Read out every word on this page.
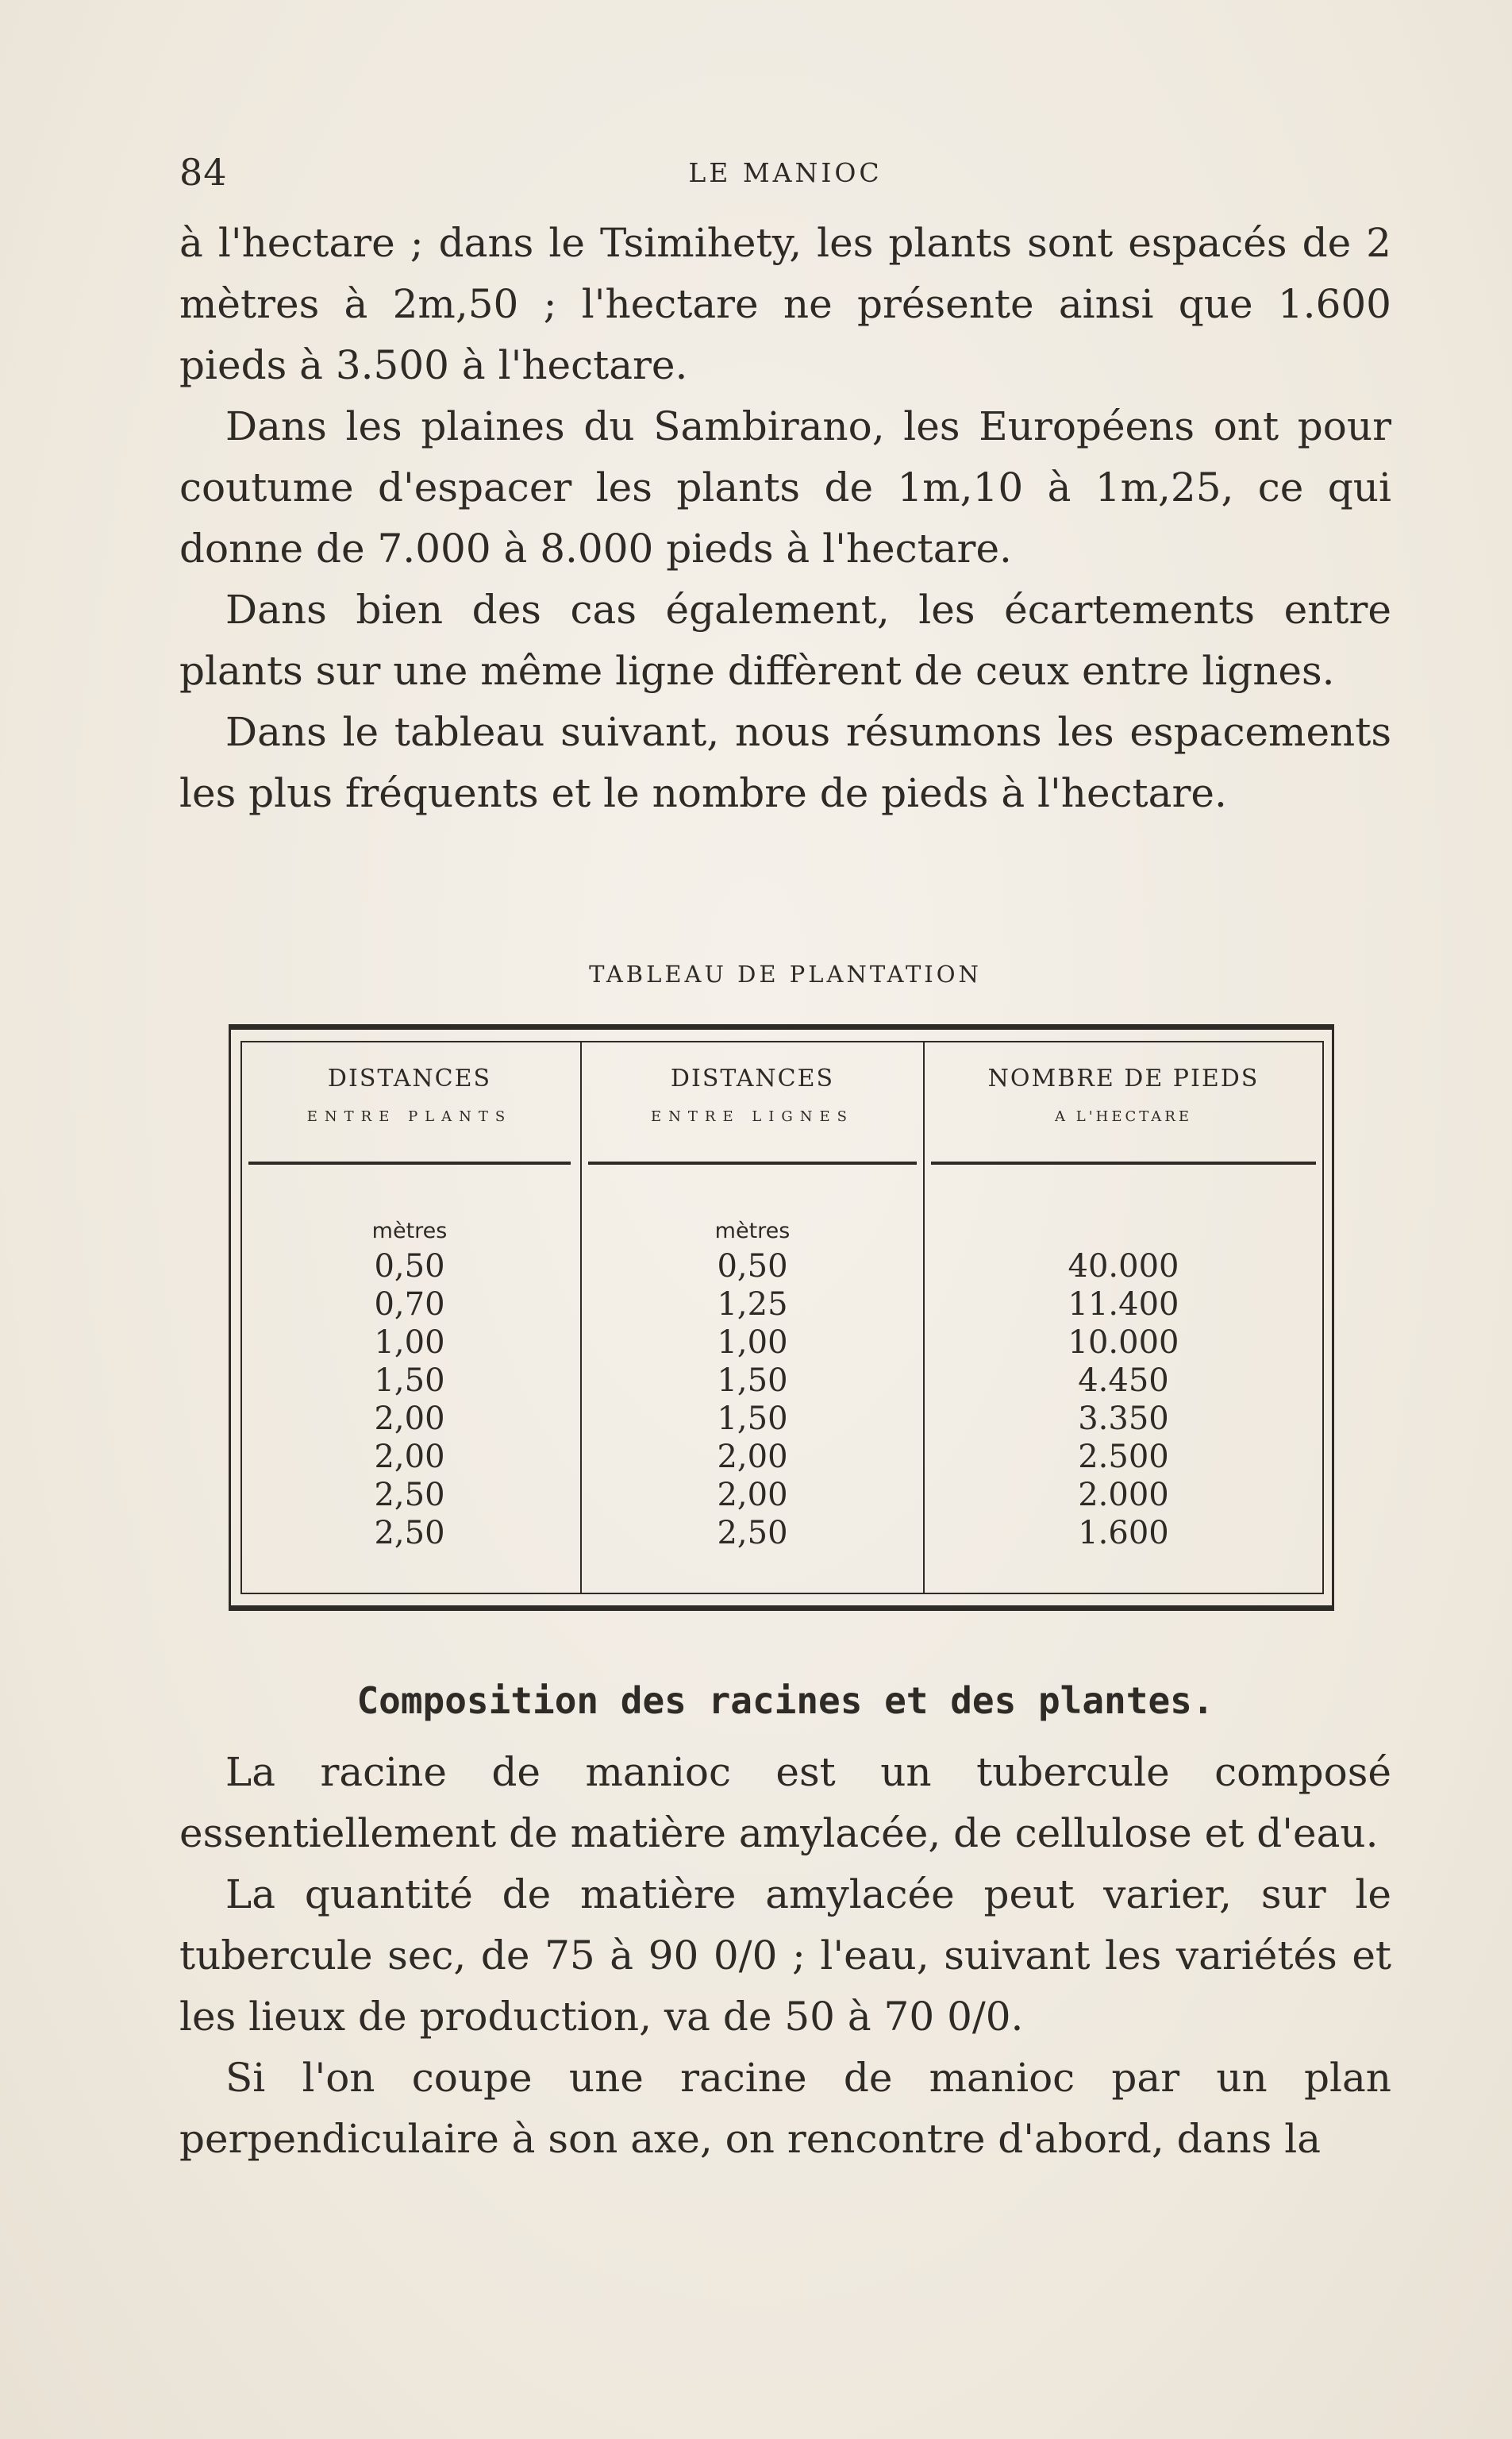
84	LE MANIOC

à l'hectare ; dans le Tsimihety, les plants sont espacés de 2 mètres à 2m,50 ; l'hectare ne présente ainsi que 1.600 pieds à 3.500 à l'hectare.

Dans les plaines du Sambirano, les Européens ont pour coutume d'espacer les plants de 1m,10 à 1m,25, ce qui donne de 7.000 à 8.000 pieds à l'hectare.

Dans bien des cas également, les écartements entre plants sur une même ligne diffèrent de ceux entre lignes.

Dans le tableau suivant, nous résumons les espacements les plus fréquents et le nombre de pieds à l'hectare.

TABLEAU DE PLANTATION
DISTANCES
ENTRE PLANTS
mètres
0,50
0,70
1,00
1,50
2,00
2,00
2,50
2,50
DISTANCES
ENTRE LIGNES
mètres
0,50
1,25
1,00
1,50
1,50
2,00
2,00
2,50
NOMBRE DE PIEDS
A L'HECTARE
40.000
11.400
10.000
4.450
3.350
2.500
2.000
1.600
Composition des racines et des plantes.

La racine de manioc est un tubercule composé essentiellement de matière amylacée, de cellulose et d'eau.

La quantité de matière amylacée peut varier, sur le tubercule sec, de 75 à 90 0/0 ; l'eau, suivant les variétés et les lieux de production, va de 50 à 70 0/0.

Si l'on coupe une racine de manioc par un plan perpendiculaire à son axe, on rencontre d'abord, dans la
